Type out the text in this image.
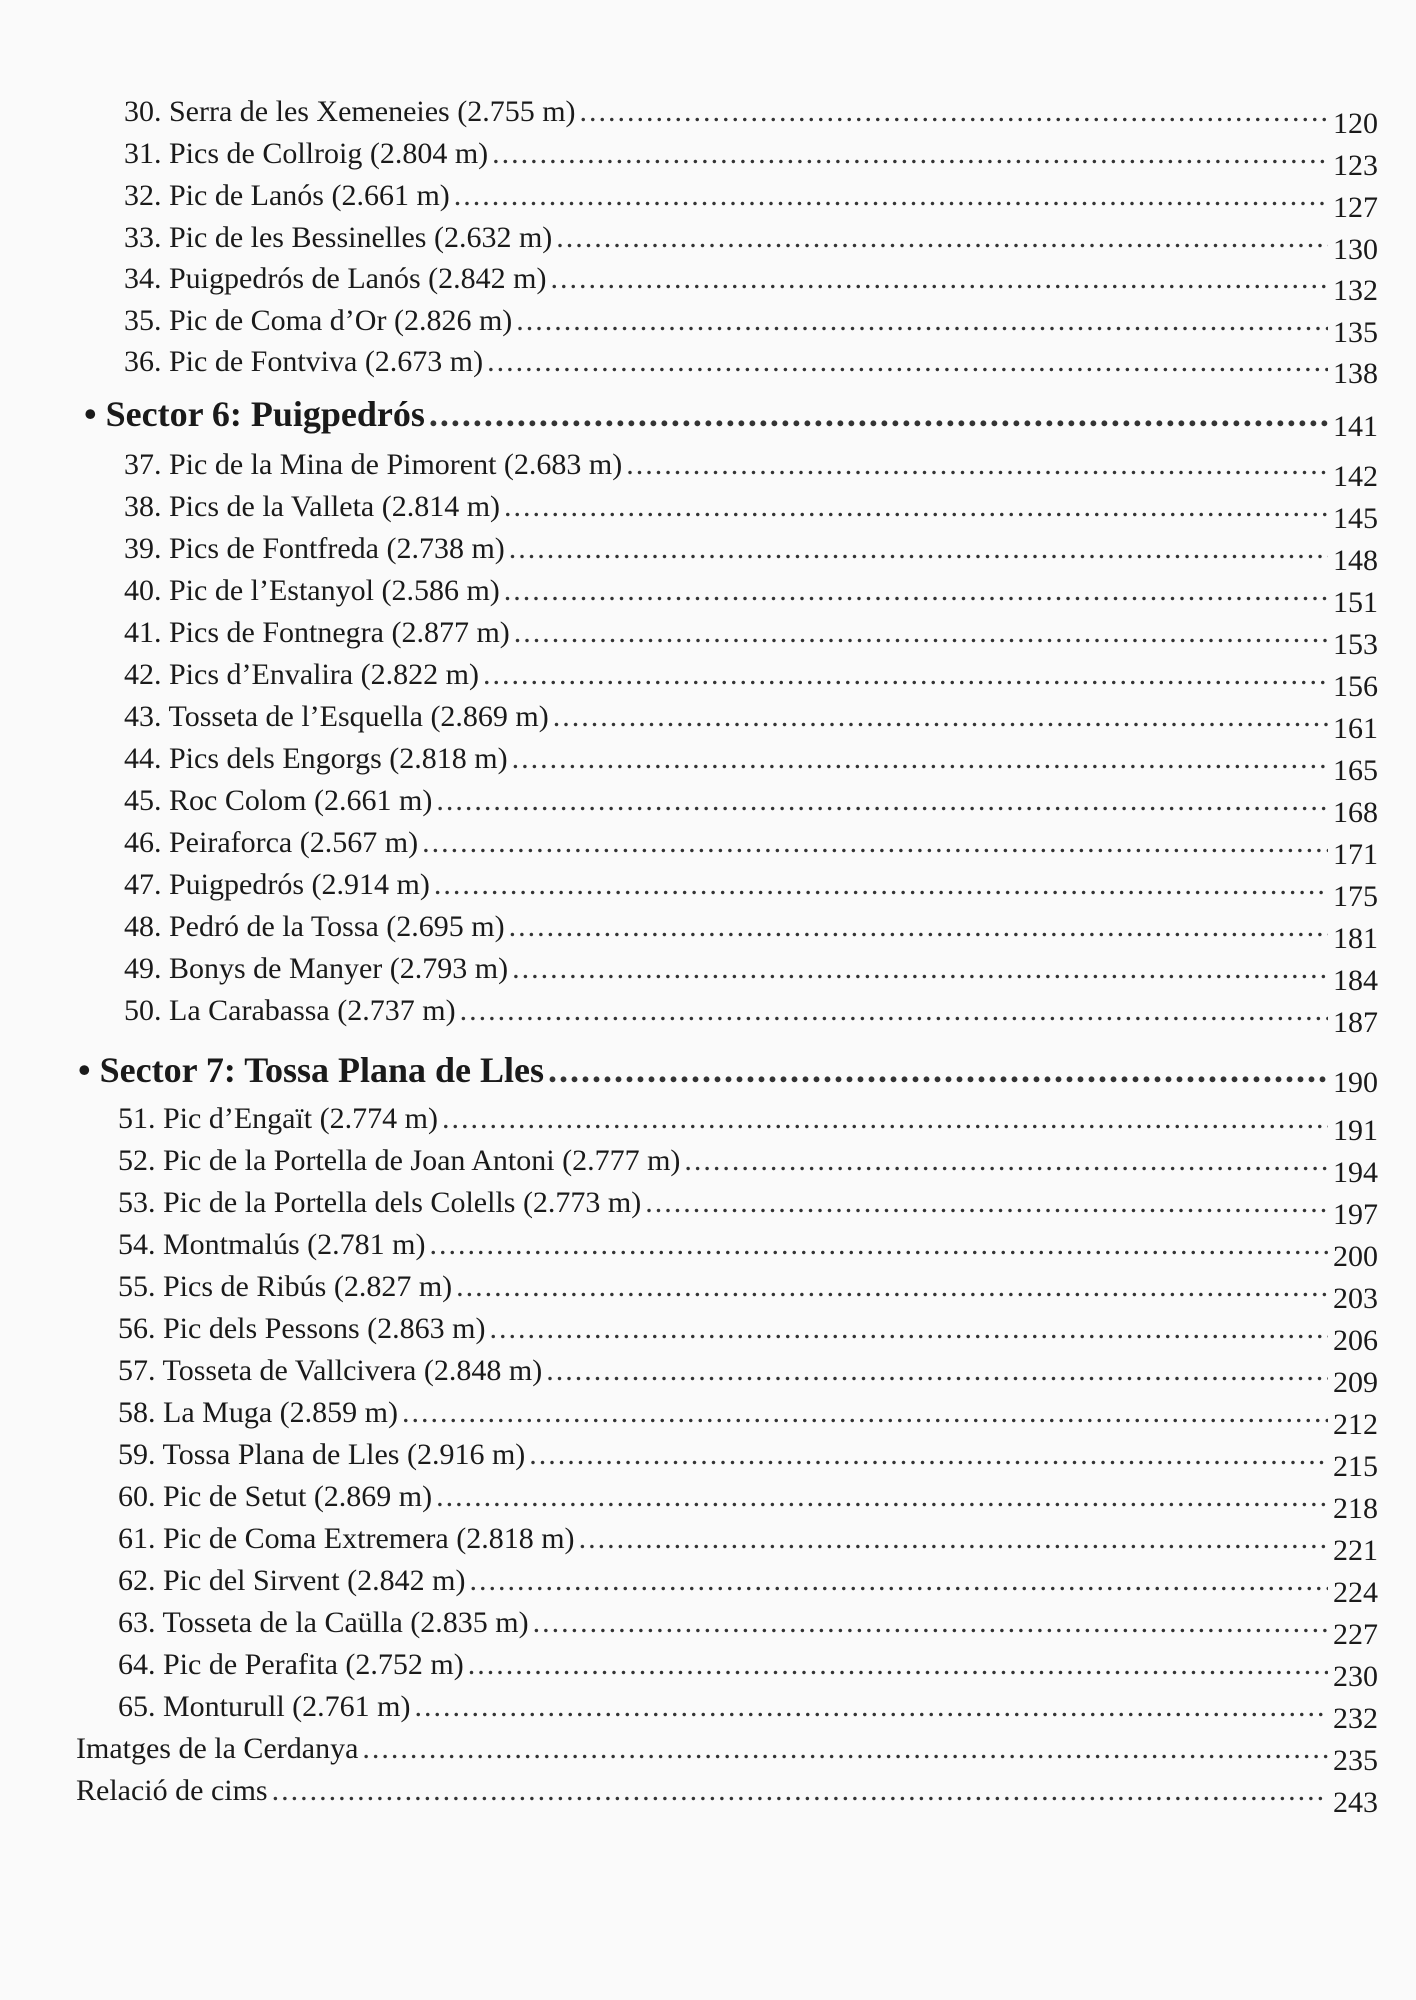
30. Serra de les Xemeneies (2.755 m) .....	120
31. Pics de Collroig (2.804 m) .....	123
32. Pic de Lanós (2.661 m) .....	127
33. Pic de les Bessinelles (2.632 m) .....	130
34. Puigpedrós de Lanós (2.842 m) .....	132
35. Pic de Coma d’Or (2.826 m) .....	135
36. Pic de Fontviva (2.673 m) .....	138
• Sector 6: Puigpedrós .....	141
37. Pic de la Mina de Pimorent (2.683 m) .....	142
38. Pics de la Valleta (2.814 m) .....	145
39. Pics de Fontfreda (2.738 m) .....	148
40. Pic de l’Estanyol (2.586 m) .....	151
41. Pics de Fontnegra (2.877 m) .....	153
42. Pics d’Envalira (2.822 m) .....	156
43. Tosseta de l’Esquella (2.869 m) .....	161
44. Pics dels Engorgs (2.818 m) .....	165
45. Roc Colom (2.661 m) .....	168
46. Peiraforca (2.567 m) .....	171
47. Puigpedrós (2.914 m) .....	175
48. Pedró de la Tossa (2.695 m) .....	181
49. Bonys de Manyer (2.793 m) .....	184
50. La Carabassa (2.737 m) .....	187
• Sector 7: Tossa Plana de Lles .....	190
51. Pic d’Engaït (2.774 m) .....	191
52. Pic de la Portella de Joan Antoni (2.777 m) .....	194
53. Pic de la Portella dels Colells (2.773 m) .....	197
54. Montmalús (2.781 m) .....	200
55. Pics de Ribús (2.827 m) .....	203
56. Pic dels Pessons (2.863 m) .....	206
57. Tosseta de Vallcivera (2.848 m) .....	209
58. La Muga (2.859 m) .....	212
59. Tossa Plana de Lles (2.916 m) .....	215
60. Pic de Setut (2.869 m) .....	218
61. Pic de Coma Extremera (2.818 m) .....	221
62. Pic del Sirvent (2.842 m) .....	224
63. Tosseta de la Caülla (2.835 m) .....	227
64. Pic de Perafita (2.752 m) .....	230
65. Monturull (2.761 m) .....	232
Imatges de la Cerdanya .....	235
Relació de cims .....	243
